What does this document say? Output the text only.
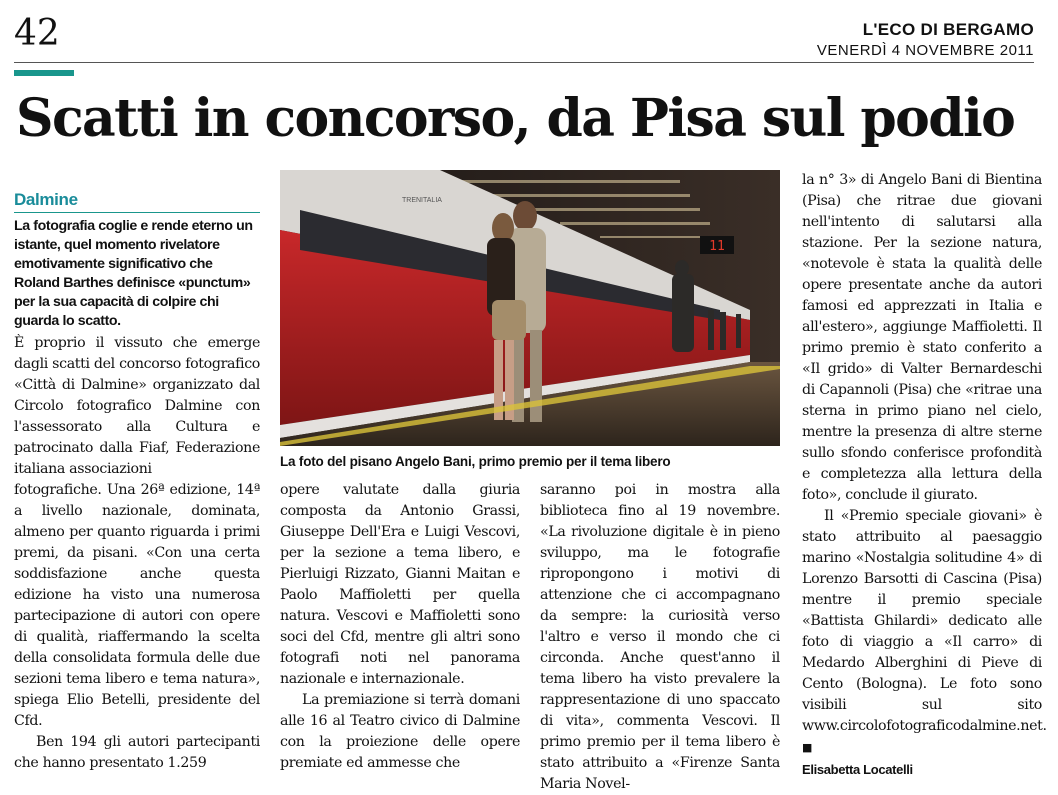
42	L'ECO DI BERGAMO
VENERDÌ 4 NOVEMBRE 2011
Scatti in concorso, da Pisa sul podio
Dalmine
La fotografia coglie e rende eterno un istante, quel momento rivelatore emotivamente significativo che Roland Barthes definisce «punctum» per la sua capacità di colpire chi guarda lo scatto.

È proprio il vissuto che emerge dagli scatti del concorso fotografico «Città di Dalmine» organizzato dal Circolo fotografico Dalmine con l'assessorato alla Cultura e patrocinato dalla Fiaf, Federazione italiana associazioni

fotografiche. Una 26ª edizione, 14ª a livello nazionale, dominata, almeno per quanto riguarda i primi premi, da pisani. «Con una certa soddisfazione anche questa edizione ha visto una numerosa partecipazione di autori con opere di qualità, riaffermando la scelta della consolidata formula delle due sezioni tema libero e tema natura», spiega Elio Betelli, presidente del Cfd.

Ben 194 gli autori partecipanti che hanno presentato 1.259

11
TRENITALIA
La foto del pisano Angelo Bani, primo premio per il tema libero

opere valutate dalla giuria composta da Antonio Grassi, Giuseppe Dell'Era e Luigi Vescovi, per la sezione a tema libero, e Pierluigi Rizzato, Gianni Maitan e Paolo Maffioletti per quella natura. Vescovi e Maffioletti sono soci del Cfd, mentre gli altri sono fotografi noti nel panorama nazionale e internazionale.

La premiazione si terrà domani alle 16 al Teatro civico di Dalmine con la proiezione delle opere premiate ed ammesse che

saranno poi in mostra alla biblioteca fino al 19 novembre. «La rivoluzione digitale è in pieno sviluppo, ma le fotografie ripropongono i motivi di attenzione che ci accompagnano da sempre: la curiosità verso l'altro e verso il mondo che ci circonda. Anche quest'anno il tema libero ha visto prevalere la rappresentazione di uno spaccato di vita», commenta Vescovi. Il primo premio per il tema libero è stato attribuito a «Firenze Santa Maria Novel-

la n° 3» di Angelo Bani di Bientina (Pisa) che ritrae due giovani nell'intento di salutarsi alla stazione. Per la sezione natura, «notevole è stata la qualità delle opere presentate anche da autori famosi ed apprezzati in Italia e all'estero», aggiunge Maffioletti. Il primo premio è stato conferito a «Il grido» di Valter Bernardeschi di Capannoli (Pisa) che «ritrae una sterna in primo piano nel cielo, mentre la presenza di altre sterne sullo sfondo conferisce profondità e completezza alla lettura della foto», conclude il giurato.

Il «Premio speciale giovani» è stato attribuito al paesaggio marino «Nostalgia solitudine 4» di Lorenzo Barsotti di Cascina (Pisa) mentre il premio speciale «Battista Ghilardi» dedicato alle foto di viaggio a «Il carro» di Medardo Alberghini di Pieve di Cento (Bologna). Le foto sono visibili sul sito www.circolofotograficodalmine.net. ■

Elisabetta Locatelli
